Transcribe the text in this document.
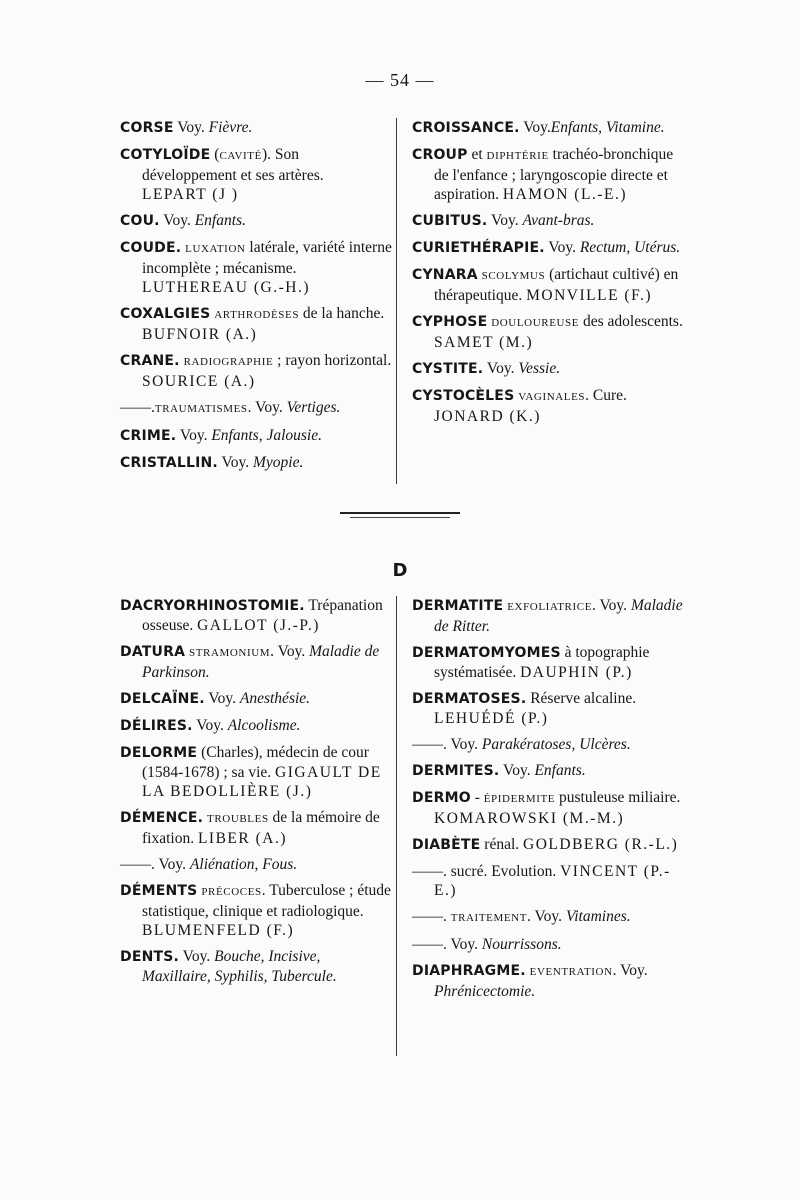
— 54 —
CORSE Voy. Fièvre.
COTYLOÏDE (CAVITÉ). Son développement et ses artères. LEPART (J )
COU. Voy. Enfants.
COUDE. LUXATION latérale, variété interne incomplète ; mécanisme. LUTHEREAU (G.-H.)
COXALGIES ARTHRODÈSES de la hanche. BUFNOIR (A.)
CRANE. RADIOGRAPHIE ; rayon horizontal. SOURICE (A.)
——.TRAUMATISMES. Voy. Vertiges.
CRIME. Voy. Enfants, Jalousie.
CRISTALLIN. Voy. Myopie.
CROISSANCE. Voy.Enfants, Vitamine.
CROUP et DIPHTÉRIE trachéo-bronchique de l'enfance ; laryngoscopie directe et aspiration. HAMON (L.-E.)
CUBITUS. Voy. Avant-bras.
CURIETHÉRAPIE. Voy. Rectum, Utérus.
CYNARA SCOLYMUS (artichaut cultivé) en thérapeutique. MONVILLE (F.)
CYPHOSE DOULOUREUSE des adolescents. SAMET (M.)
CYSTITE. Voy. Vessie.
CYSTOCÈLES VAGINALES. Cure. JONARD (K.)
D
DACRYORHINOSTOMIE. Trépanation osseuse. GALLOT (J.-P.)
DATURA STRAMONIUM. Voy. Maladie de Parkinson.
DELCAÏNE. Voy. Anesthésie.
DÉLIRES. Voy. Alcoolisme.
DELORME (Charles), médecin de cour (1584-1678) ; sa vie. GIGAULT DE LA BEDOLLIÈRE (J.)
DÉMENCE. TROUBLES de la mémoire de fixation. LIBER (A.)
——. Voy. Aliénation, Fous.
DÉMENTS PRÉCOCES. Tuberculose ; étude statistique, clinique et radiologique. BLUMENFELD (F.)
DENTS. Voy. Bouche, Incisive, Maxillaire, Syphilis, Tubercule.
DERMATITE EXFOLIATRICE. Voy. Maladie de Ritter.
DERMATOMYOMES à topographie systématisée. DAUPHIN (P.)
DERMATOSES. Réserve alcaline. LEHUÉDÉ (P.)
——. Voy. Parakératoses, Ulcères.
DERMITES. Voy. Enfants.
DERMO - ÉPIDERMITE pustuleuse miliaire. KOMAROWSKI (M.-M.)
DIABÈTE rénal. GOLDBERG (R.-L.)
——. sucré. Evolution. VINCENT (P.-E.)
——. TRAITEMENT. Voy. Vitamines.
——. Voy. Nourrissons.
DIAPHRAGME. EVENTRATION. Voy. Phrénicectomie.
